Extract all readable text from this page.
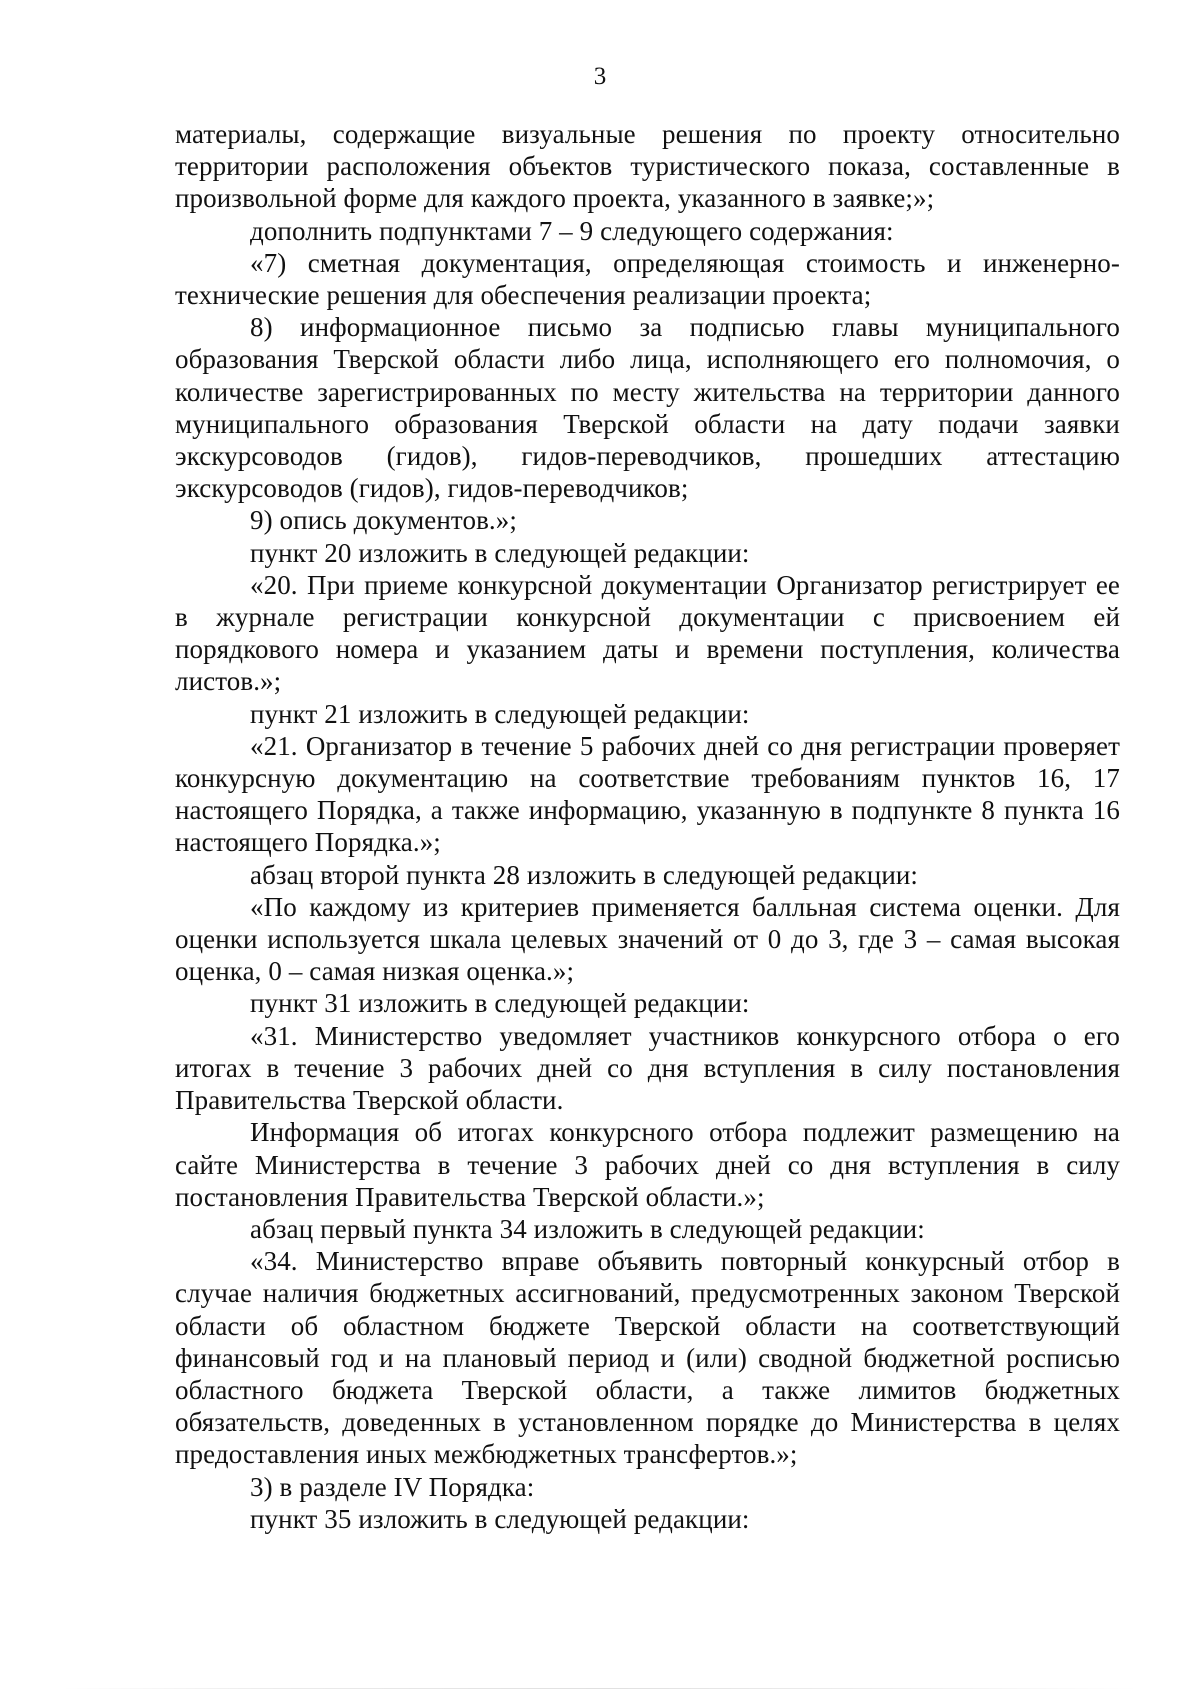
3

материалы, содержащие визуальные решения по проекту относительно территории расположения объектов туристического показа, составленные в произвольной форме для каждого проекта, указанного в заявке;»;

дополнить подпунктами 7 – 9 следующего содержания:

«7) сметная документация, определяющая стоимость и инженерно-технические решения для обеспечения реализации проекта;

8) информационное письмо за подписью главы муниципального образования Тверской области либо лица, исполняющего его полномочия, о количестве зарегистрированных по месту жительства на территории данного муниципального образования Тверской области на дату подачи заявки экскурсоводов (гидов), гидов-переводчиков, прошедших аттестацию экскурсоводов (гидов), гидов-переводчиков;

9) опись документов.»;

пункт 20 изложить в следующей редакции:

«20. При приеме конкурсной документации Организатор регистрирует ее в журнале регистрации конкурсной документации с присвоением ей порядкового номера и указанием даты и времени поступления, количества листов.»;

пункт 21 изложить в следующей редакции:

«21. Организатор в течение 5 рабочих дней со дня регистрации проверяет конкурсную документацию на соответствие требованиям пунктов 16, 17 настоящего Порядка, а также информацию, указанную в подпункте 8 пункта 16 настоящего Порядка.»;

абзац второй пункта 28 изложить в следующей редакции:

«По каждому из критериев применяется балльная система оценки. Для оценки используется шкала целевых значений от 0 до 3, где 3 – самая высокая оценка, 0 – самая низкая оценка.»;

пункт 31 изложить в следующей редакции:

«31. Министерство уведомляет участников конкурсного отбора о его итогах в течение 3 рабочих дней со дня вступления в силу постановления Правительства Тверской области.

Информация об итогах конкурсного отбора подлежит размещению на сайте Министерства в течение 3 рабочих дней со дня вступления в силу постановления Правительства Тверской области.»;

абзац первый пункта 34 изложить в следующей редакции:

«34. Министерство вправе объявить повторный конкурсный отбор в случае наличия бюджетных ассигнований, предусмотренных законом Тверской области об областном бюджете Тверской области на соответствующий финансовый год и на плановый период и (или) сводной бюджетной росписью областного бюджета Тверской области, а также лимитов бюджетных обязательств, доведенных в установленном порядке до Министерства в целях предоставления иных межбюджетных трансфертов.»;

3) в разделе IV Порядка:

пункт 35 изложить в следующей редакции:
